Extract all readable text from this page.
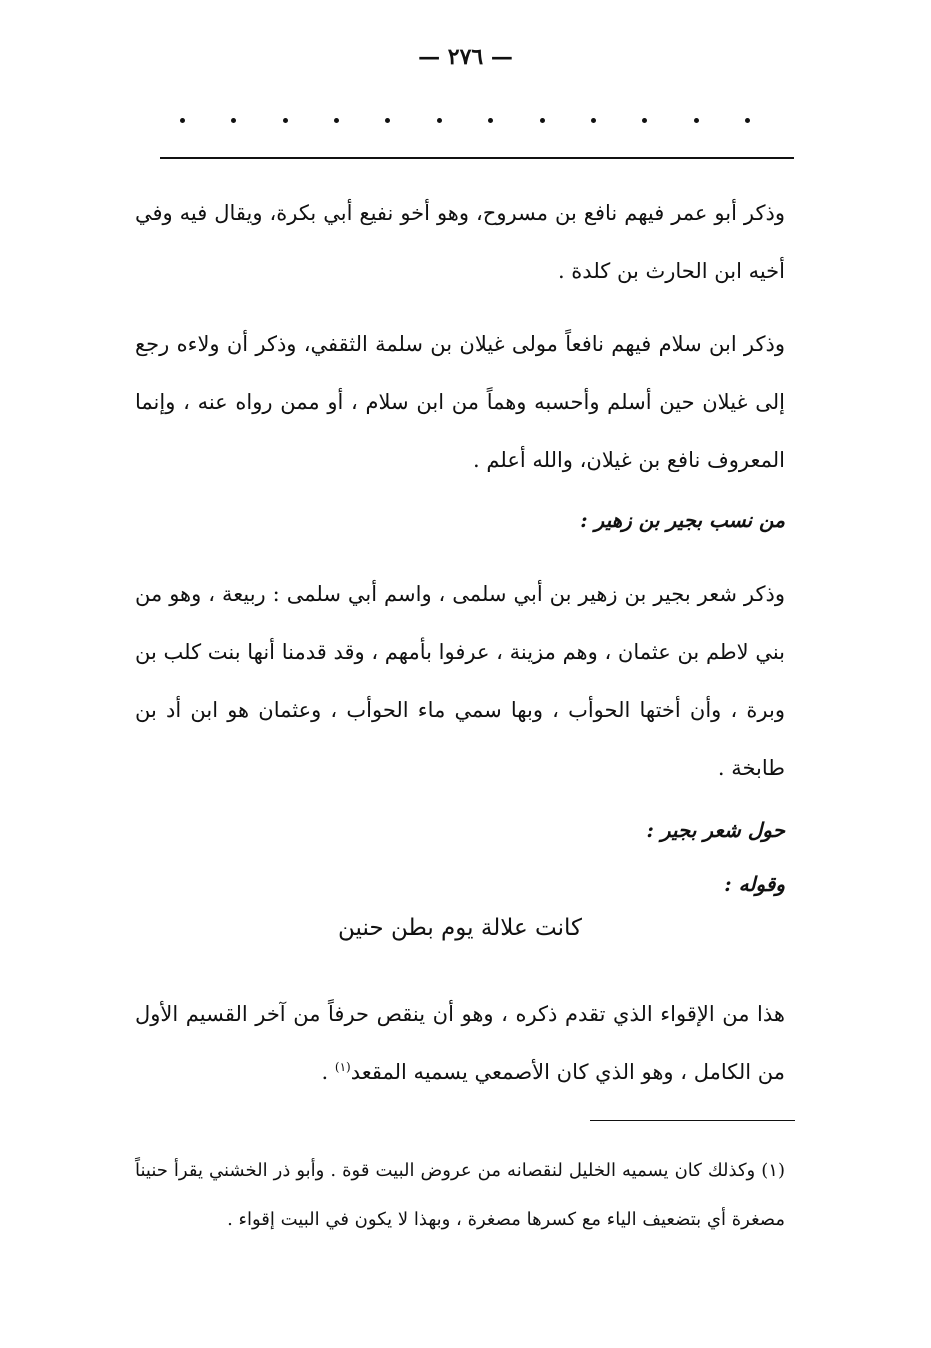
— ٢٧٦ —

وذكر أبو عمر فيهم نافع بن مسروح، وهو أخو نفيع أبي بكرة، ويقال فيه وفي أخيه ابن الحارث بن كلدة .

وذكر ابن سلام فيهم نافعاً مولى غيلان بن سلمة الثقفي، وذكر أن ولاءه رجع إلى غيلان حين أسلم وأحسبه وهماً من ابن سلام ، أو ممن رواه عنه ، وإنما المعروف نافع بن غيلان، والله أعلم .

من نسب بجير بن زهير :

وذكر شعر بجير بن زهير بن أبي سلمى ، واسم أبي سلمى : ربيعة ، وهو من بني لاطم بن عثمان ، وهم مزينة ، عرفوا بأمهم ، وقد قدمنا أنها بنت كلب بن وبرة ، وأن أختها الحوأب ، وبها سمي ماء الحوأب ، وعثمان هو ابن أد بن طابخة .

حول شعر بجير :

وقوله :

كانت علالة يوم بطن حنين

هذا من الإقواء الذي تقدم ذكره ، وهو أن ينقص حرفاً من آخر القسيم الأول من الكامل ، وهو الذي كان الأصمعي يسميه المقعد$^{(١)}$ .

(١) وكذلك كان يسميه الخليل لنقصانه من عروض البيت قوة . وأبو ذر الخشني يقرأ حنيناً مصغرة أي بتضعيف الياء مع كسرها مصغرة ، وبهذا لا يكون في البيت إقواء .
